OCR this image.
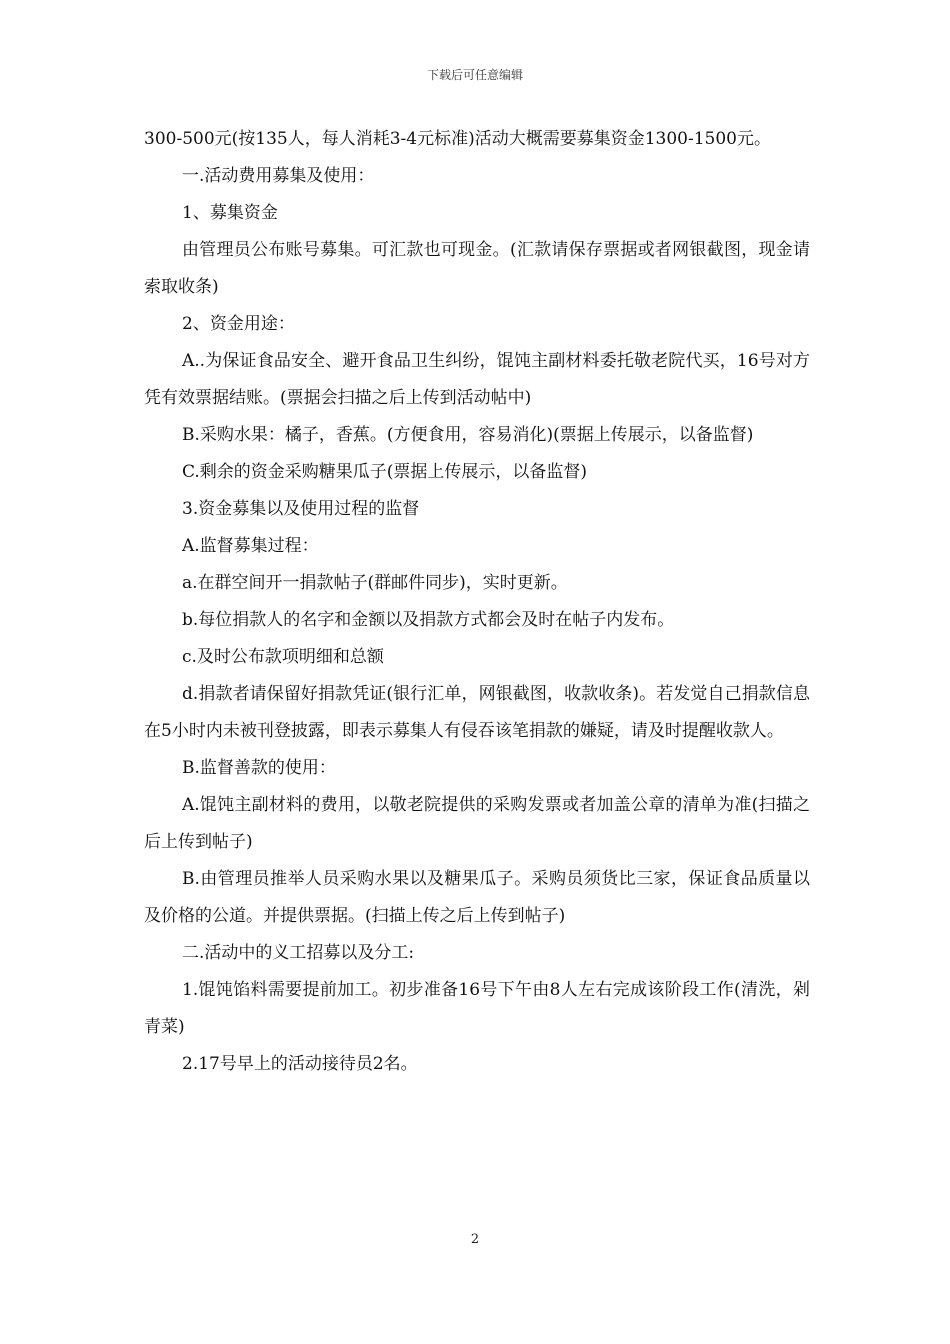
下载后可任意编辑

300-500元(按135人，每人消耗3-4元标准)活动大概需要募集资金1300-1500元。

一.活动费用募集及使用：

1、募集资金

由管理员公布账号募集。可汇款也可现金。(汇款请保存票据或者网银截图，现金请索取收条)

2、资金用途：

A..为保证食品安全、避开食品卫生纠纷，馄饨主副材料委托敬老院代买，16号对方凭有效票据结账。(票据会扫描之后上传到活动帖中)

B.采购水果：橘子，香蕉。(方便食用，容易消化)(票据上传展示，以备监督)

C.剩余的资金采购糖果瓜子(票据上传展示，以备监督)

3.资金募集以及使用过程的监督

A.监督募集过程：

a.在群空间开一捐款帖子(群邮件同步)，实时更新。

b.每位捐款人的名字和金额以及捐款方式都会及时在帖子内发布。

c.及时公布款项明细和总额

d.捐款者请保留好捐款凭证(银行汇单，网银截图，收款收条)。若发觉自己捐款信息在5小时内未被刊登披露，即表示募集人有侵吞该笔捐款的嫌疑，请及时提醒收款人。

B.监督善款的使用：

A.馄饨主副材料的费用，以敬老院提供的采购发票或者加盖公章的清单为准(扫描之后上传到帖子)

B.由管理员推举人员采购水果以及糖果瓜子。采购员须货比三家，保证食品质量以及价格的公道。并提供票据。(扫描上传之后上传到帖子)

二.活动中的义工招募以及分工:

1.馄饨馅料需要提前加工。初步准备16号下午由8人左右完成该阶段工作(清洗，剁青菜)

2.17号早上的活动接待员2名。

2
